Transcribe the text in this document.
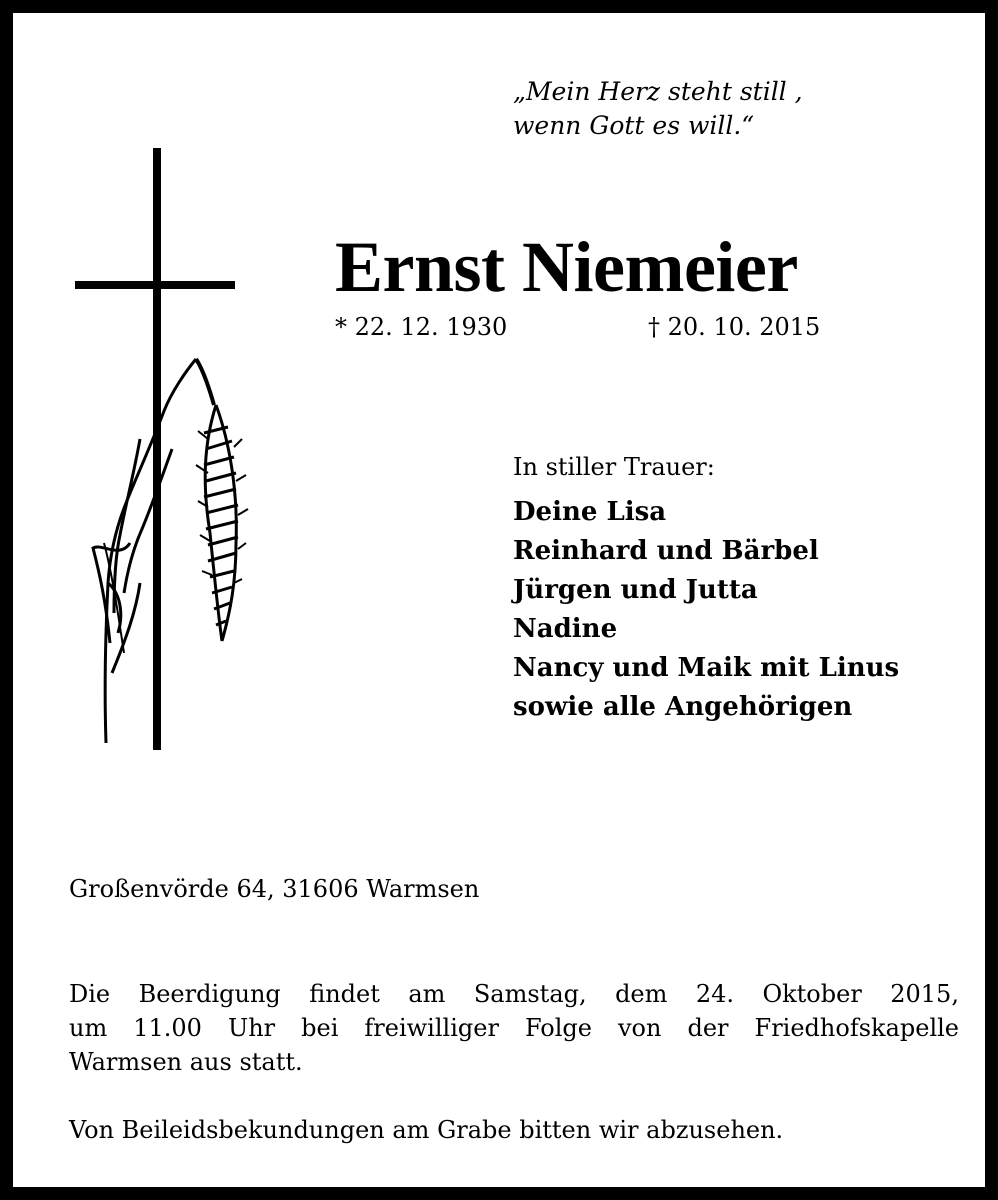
„Mein Herz steht still ,
wenn Gott es will.“
Ernst Niemeier
* 22. 12. 1930	† 20. 10. 2015
In stiller Trauer:
Deine Lisa
Reinhard und Bärbel
Jürgen und Jutta
Nadine
Nancy und Maik mit Linus
sowie alle Angehörigen
Großenvörde 64, 31606 Warmsen
Die Beerdigung findet am Samstag, dem 24. Oktober 2015,
um 11.00 Uhr bei freiwilliger Folge von der Friedhofskapelle
Warmsen aus statt.
Von Beileidsbekundungen am Grabe bitten wir abzusehen.
